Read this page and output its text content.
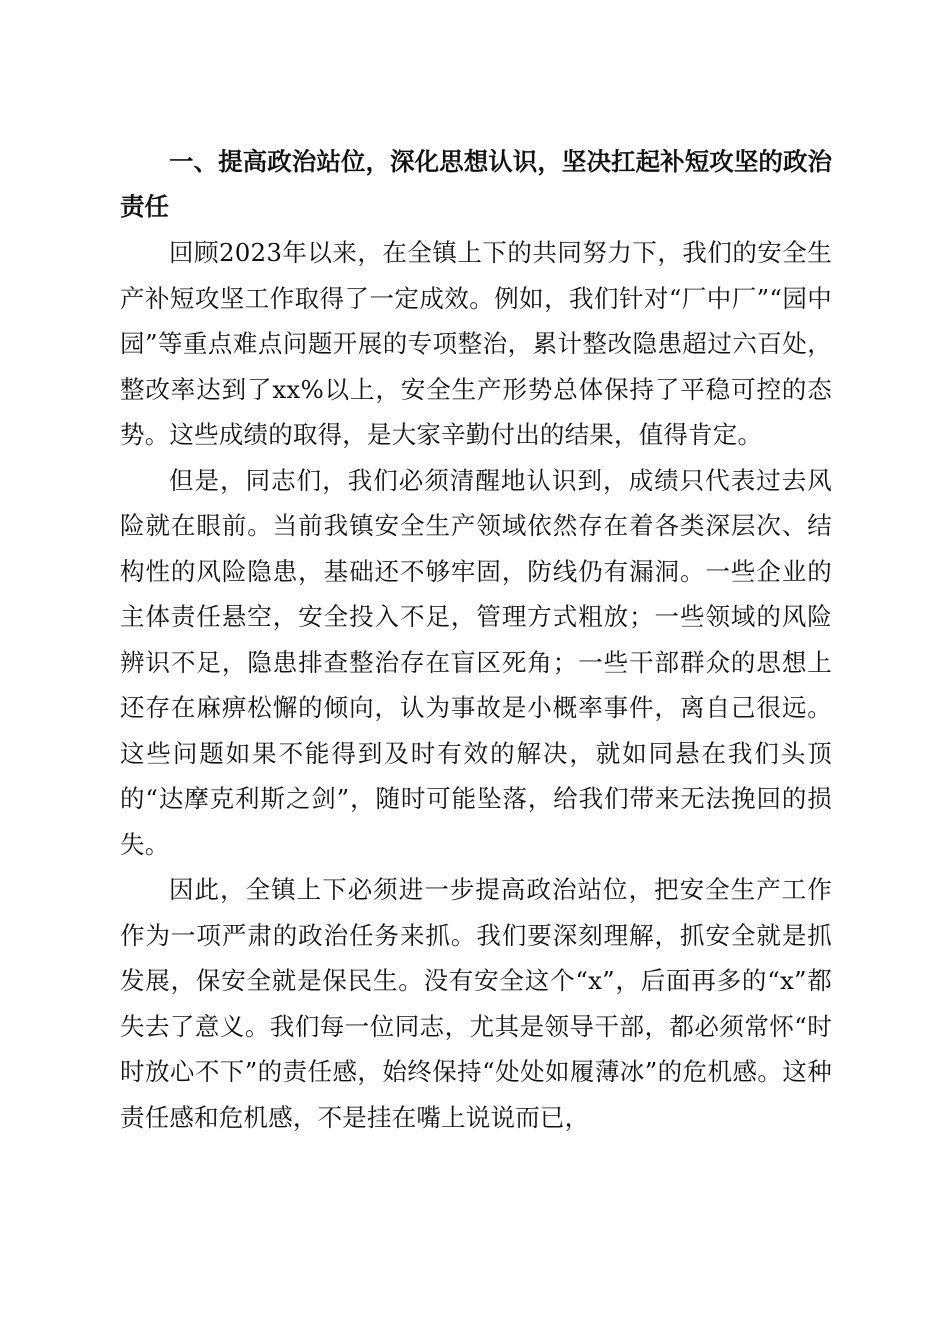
一、提高政治站位，深化思想认识，坚决扛起补短攻坚的政治责任

回顾2023年以来，在全镇上下的共同努力下，我们的安全生产补短攻坚工作取得了一定成效。例如，我们针对“厂中厂”“园中园”等重点难点问题开展的专项整治，累计整改隐患超过六百处，整改率达到了xx%以上，安全生产形势总体保持了平稳可控的态势。这些成绩的取得，是大家辛勤付出的结果，值得肯定。

但是，同志们，我们必须清醒地认识到，成绩只代表过去风险就在眼前。当前我镇安全生产领域依然存在着各类深层次、结构性的风险隐患，基础还不够牢固，防线仍有漏洞。一些企业的主体责任悬空，安全投入不足，管理方式粗放；一些领域的风险辨识不足，隐患排查整治存在盲区死角；一些干部群众的思想上还存在麻痹松懈的倾向，认为事故是小概率事件，离自己很远。这些问题如果不能得到及时有效的解决，就如同悬在我们头顶的“达摩克利斯之剑”，随时可能坠落，给我们带来无法挽回的损失。

因此，全镇上下必须进一步提高政治站位，把安全生产工作作为一项严肃的政治任务来抓。我们要深刻理解，抓安全就是抓发展，保安全就是保民生。没有安全这个“x”，后面再多的“x”都失去了意义。我们每一位同志，尤其是领导干部，都必须常怀“时时放心不下”的责任感，始终保持“处处如履薄冰”的危机感。这种责任感和危机感，不是挂在嘴上说说而已，
